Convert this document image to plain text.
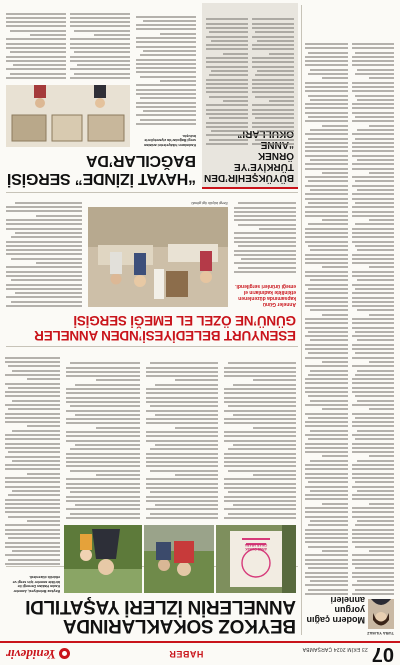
07
23 EKİM 2024 ÇARŞAMBA
HABER
Yenidevir
TUBA YILMAZ
Modern çağın
yorgun anneleri
BEYKOZ SOKAKLARINDA
ANNELERİN İZLERİ YAŞATILDI
Beykoz Belediyesi, Anneler Kadın Hakları Derneği ile birlikte anneler için sergi ve etkinlik düzenledi.
ANNE OLMAK ÇIKAR ARABA
ESENYURT BELEDİYESİ’NDEN ANNELER
GÜNÜ’NE ÖZEL EL EMEĞİ SERGİSİ
Anneler Günü kapsamında düzenlenen etkinlikte kadınların el emeği ürünleri sergilendi.
Sergi büyük ilgi gördü.
BÜYÜKŞEHİR’DEN
TÜRKİYE’YE ÖRNEK

“HAYAT İZİNDE” SERGİSİ BAĞCILAR’DA
Kadınların hikâyelerini anlatan sergi Bağcılar'da ziyaretçilerle buluştu.
